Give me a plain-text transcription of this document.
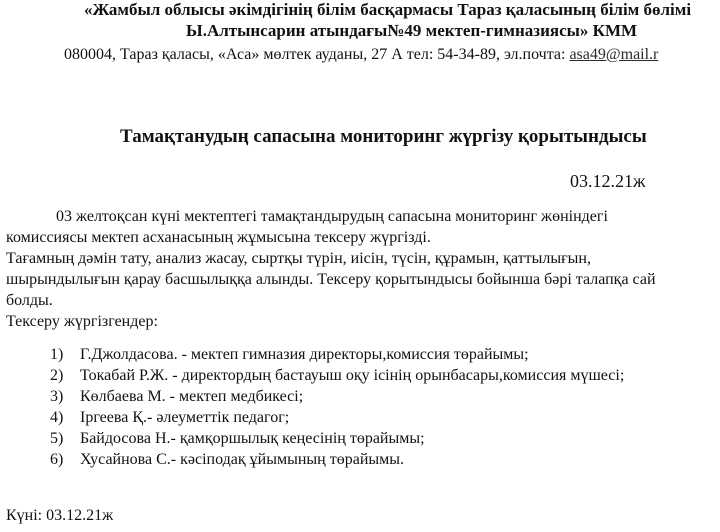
«Жамбыл облысы әкімдігінің білім басқармасы Тараз қаласының білім бөлімі
Ы.Алтынсарин атындағы№49 мектеп-гимназиясы» КММ
080004, Тараз қаласы, «Аса» мөлтек ауданы, 27 А тел: 54-34-89, эл.почта: asa49@mail.r
Тамақтанудың сапасына мониторинг жүргізу қорытындысы
03.12.21ж
03 желтоқсан күні мектептегі тамақтандырудың сапасына мониторинг жөніндегі
комиссиясы мектеп асханасының жұмысына тексеру жүргізді.
Тағамның дәмін тату, анализ жасау, сыртқы түрін, иісін, түсін, құрамын, қаттылығын,
шырындылығын қарау басшылыққа алынды. Тексеру қорытындысы бойынша бәрі талапқа сай
болды.
Тексеру жүргізгендер:
1)	Г.Джолдасова. - мектеп гимназия директоры,комиссия төрайымы;
2)	Токабай Р.Ж. - директордың бастауыш оқу ісінің орынбасары,комиссия мүшесі;
3)	Көлбаева М. - мектеп медбикесі;
4)	Іргеева Қ.- әлеуметтік педагог;
5)	Байдосова Н.- қамқоршылық кеңесінің төрайымы;
6)	Хусайнова С.- кәсіподақ ұйымының төрайымы.
Күні: 03.12.21ж
